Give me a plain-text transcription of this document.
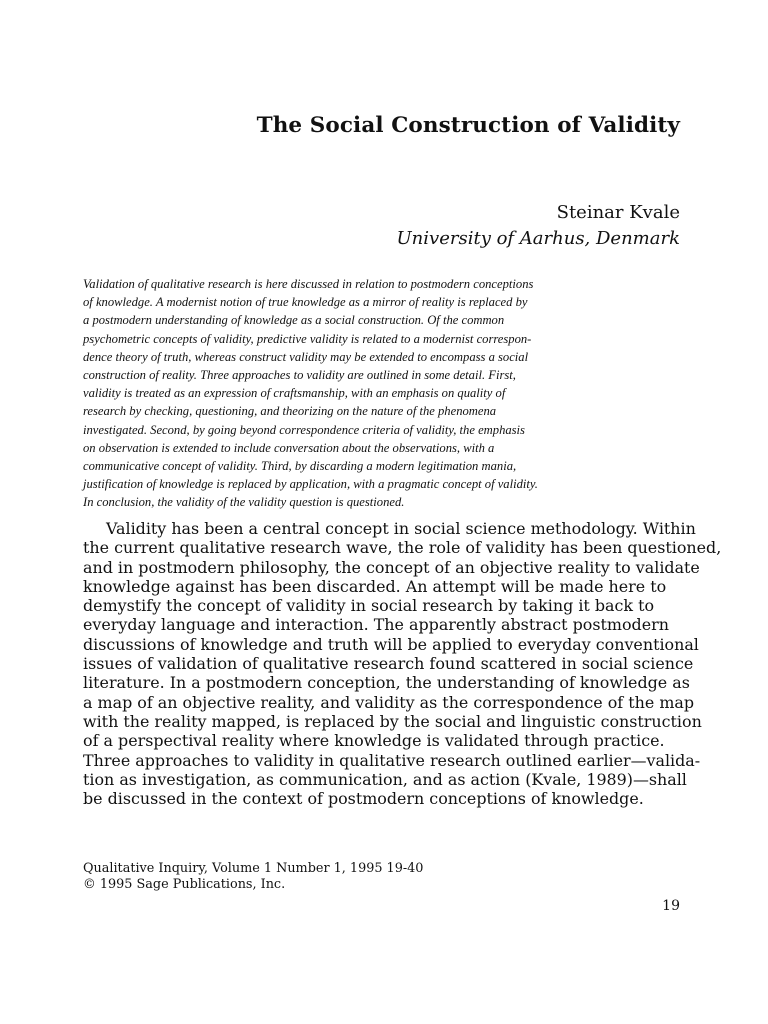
The Social Construction of Validity
Steinar Kvale
University of Aarhus, Denmark
Validation of qualitative research is here discussed in relation to postmodern conceptions
of knowledge. A modernist notion of true knowledge as a mirror of reality is replaced by
a postmodern understanding of knowledge as a social construction. Of the common
psychometric concepts of validity, predictive validity is related to a modernist correspon-
dence theory of truth, whereas construct validity may be extended to encompass a social
construction of reality. Three approaches to validity are outlined in some detail. First,
validity is treated as an expression of craftsmanship, with an emphasis on quality of
research by checking, questioning, and theorizing on the nature of the phenomena
investigated. Second, by going beyond correspondence criteria of validity, the emphasis
on observation is extended to include conversation about the observations, with a
communicative concept of validity. Third, by discarding a modern legitimation mania,
justification of knowledge is replaced by application, with a pragmatic concept of validity.
In conclusion, the validity of the validity question is questioned.
Validity has been a central concept in social science methodology. Within
the current qualitative research wave, the role of validity has been questioned,
and in postmodern philosophy, the concept of an objective reality to validate
knowledge against has been discarded. An attempt will be made here to
demystify the concept of validity in social research by taking it back to
everyday language and interaction. The apparently abstract postmodern
discussions of knowledge and truth will be applied to everyday conventional
issues of validation of qualitative research found scattered in social science
literature. In a postmodern conception, the understanding of knowledge as
a map of an objective reality, and validity as the correspondence of the map
with the reality mapped, is replaced by the social and linguistic construction
of a perspectival reality where knowledge is validated through practice.
Three approaches to validity in qualitative research outlined earlier—valida-
tion as investigation, as communication, and as action (Kvale, 1989)—shall
be discussed in the context of postmodern conceptions of knowledge.
Qualitative Inquiry, Volume 1 Number 1, 1995 19-40
© 1995 Sage Publications, Inc.
19
